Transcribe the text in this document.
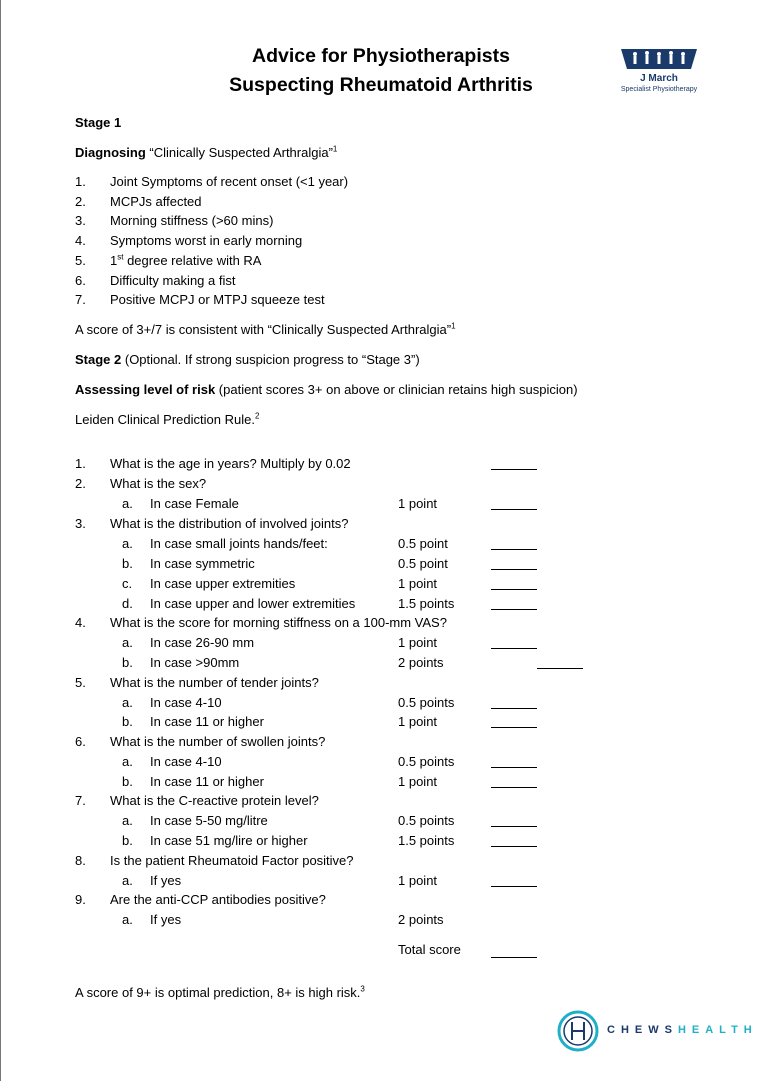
Advice for Physiotherapists
Suspecting Rheumatoid Arthritis	J March
Specialist Physiotherapy
Stage 1
Diagnosing “Clinically Suspected Arthralgia”$^1$
1. Joint Symptoms of recent onset (<1 year)
2. MCPJs affected
3. Morning stiffness (>60 mins)
4. Symptoms worst in early morning
5. 1st degree relative with RA
6. Difficulty making a fist
7. Positive MCPJ or MTPJ squeeze test
A score of 3+/7 is consistent with “Clinically Suspected Arthralgia”$^1$
Stage 2 (Optional. If strong suspicion progress to “Stage 3”)
Assessing level of risk (patient scores 3+ on above or clinician retains high suspicion)
Leiden Clinical Prediction Rule.$^2$
1. What is the age in years? Multiply by 0.02
2. What is the sex?
a. In case Female	1 point
3. What is the distribution of involved joints?
a. In case small joints hands/feet:	0.5 point
b. In case symmetric	0.5 point
c. In case upper extremities	1 point
d. In case upper and lower extremities	1.5 points
4. What is the score for morning stiffness on a 100-mm VAS?
a. In case 26-90 mm	1 point
b. In case >90mm	2 points
5. What is the number of tender joints?
a. In case 4-10	0.5 points
b. In case 11 or higher	1 point
6. What is the number of swollen joints?
a. In case 4-10	0.5 points
b. In case 11 or higher	1 point
7. What is the C-reactive protein level?
a. In case 5-50 mg/litre	0.5 points
b. In case 51 mg/lire or higher	1.5 points
8. Is the patient Rheumatoid Factor positive?
a. If yes	1 point
9. Are the anti-CCP antibodies positive?
a. If yes	2 points
Total score
A score of 9+ is optimal prediction, 8+ is high risk.$^3$
CHEWSHEALTH
